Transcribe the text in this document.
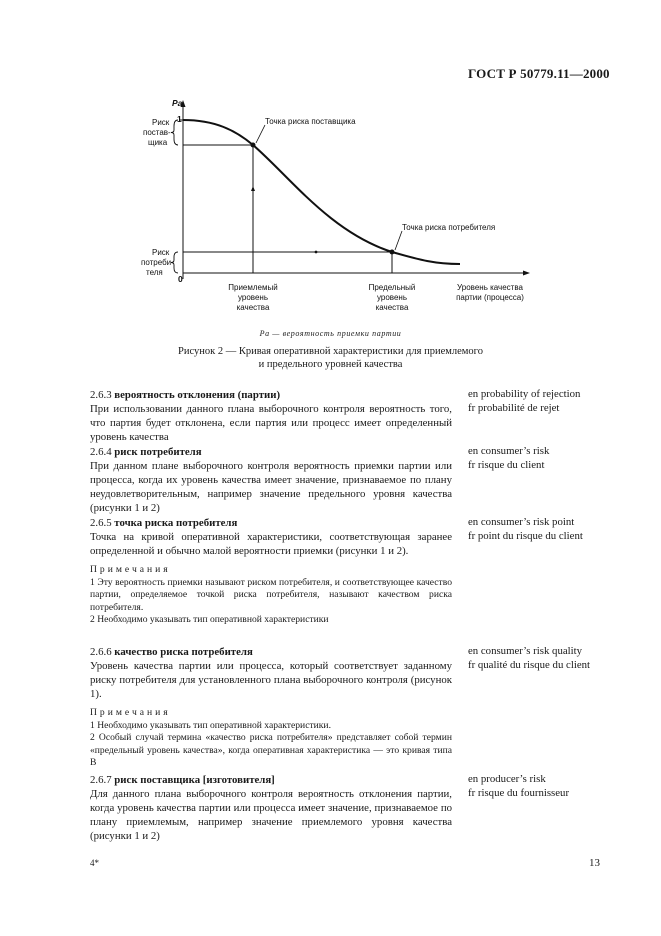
ГОСТ Р 50779.11—2000
Pa
1
0
Риск
постав-
щика
Риск
потреби-
теля
Точка риска поставщика
Точка риска потребителя
Приемлемый
уровень
качества
Предельный
уровень
качества
Уровень качества
партии (процесса)
Pa — вероятность приемки партии
Рисунок 2 — Кривая оперативной характеристики для приемлемого
и предельного уровней качества

2.6.3 вероятность отклонения (партии)

При использовании данного плана выборочного контроля вероятность того, что партия будет отклонена, если партия или процесс имеет определенный уровень качества

en probability of rejection
fr probabilité de rejet

2.6.4 риск потребителя

При данном плане выборочного контроля вероятность приемки партии или процесса, когда их уровень качества имеет значение, признаваемое по плану неудовлетворительным, например значение предельного уровня качества (рисунки 1 и 2)

en consumer’s risk
fr risque du client

2.6.5 точка риска потребителя

Точка на кривой оперативной характеристики, соответствующая заранее определенной и обычно малой вероятности приемки (рисунки 1 и 2).

Примечания
1 Эту вероятность приемки называют риском потребителя, и соответствующее качество партии, определяемое точкой риска потребителя, называют качеством риска потребителя.
2 Необходимо указывать тип оперативной характеристики
en consumer’s risk point
fr point du risque du client

2.6.6 качество риска потребителя

Уровень качества партии или процесса, который соответствует заданному риску потребителя для установленного плана выборочного контроля (рисунок 1).

Примечания
1 Необходимо указывать тип оперативной характеристики.
2 Особый случай термина «качество риска потребителя» представляет собой термин «предельный уровень качества», когда оперативная характеристика — это кривая типа B
en consumer’s risk quality
fr qualité du risque du client

2.6.7 риск поставщика [изготовителя]

Для данного плана выборочного контроля вероятность отклонения партии, когда уровень качества партии или процесса имеет значение, признаваемое по плану приемлемым, например значение приемлемого уровня качества (рисунки 1 и 2)

en producer’s risk
fr risque du fournisseur
4*	13
